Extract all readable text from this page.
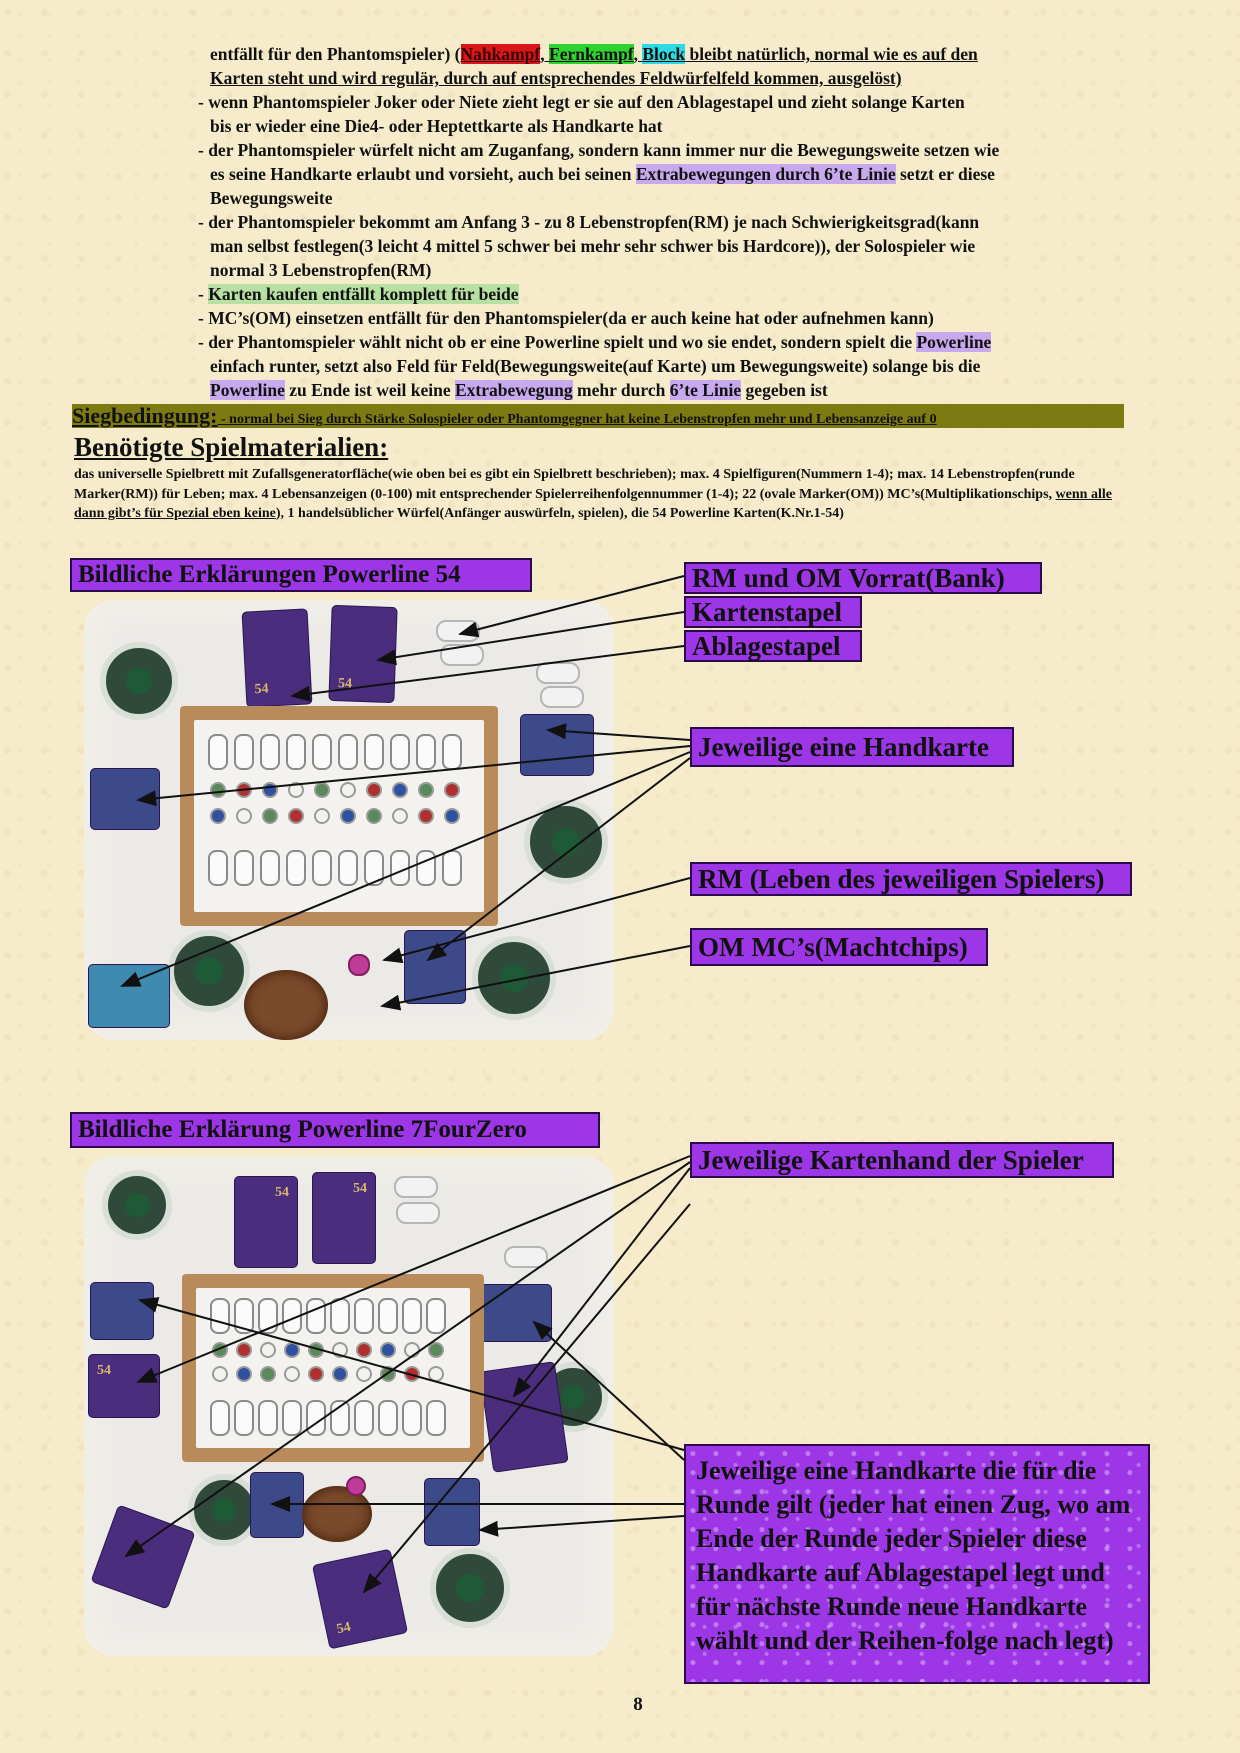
entfällt für den Phantomspieler) (Nahkampf, Fernkampf, Block bleibt natürlich, normal wie es auf den
Karten steht und wird regulär, durch auf entsprechendes Feldwürfelfeld kommen, ausgelöst)
- wenn Phantomspieler Joker oder Niete zieht legt er sie auf den Ablagestapel und zieht solange Karten
bis er wieder eine Die4- oder Heptettkarte als Handkarte hat
- der Phantomspieler würfelt nicht am Zuganfang, sondern kann immer nur die Bewegungsweite setzen wie
es seine Handkarte erlaubt und vorsieht, auch bei seinen Extrabewegungen durch 6’te Linie setzt er diese
Bewegungsweite
- der Phantomspieler bekommt am Anfang 3 - zu 8 Lebenstropfen(RM) je nach Schwierigkeitsgrad(kann
man selbst festlegen(3 leicht 4 mittel 5 schwer bei mehr sehr schwer bis Hardcore)), der Solospieler wie
normal 3 Lebenstropfen(RM)
- Karten kaufen entfällt komplett für beide
- MC’s(OM) einsetzen entfällt für den Phantomspieler(da er auch keine hat oder aufnehmen kann)
- der Phantomspieler wählt nicht ob er eine Powerline spielt und wo sie endet, sondern spielt die Powerline
einfach runter, setzt also Feld für Feld(Bewegungsweite(auf Karte) um Bewegungsweite) solange bis die
Powerline zu Ende ist weil keine Extrabewegung mehr durch 6’te Linie gegeben ist
Siegbedingung: - normal bei Sieg durch Stärke Solospieler oder Phantomgegner hat keine Lebenstropfen mehr und Lebensanzeige auf 0
Benötigte Spielmaterialien:
das universelle Spielbrett mit Zufallsgeneratorfläche(wie oben bei es gibt ein Spielbrett beschrieben); max. 4 Spielfiguren(Nummern 1-4); max. 14 Lebenstropfen(runde Marker(RM)) für Leben; max. 4 Lebensanzeigen (0-100) mit entsprechender Spielerreihenfolgennummer (1-4); 22 (ovale Marker(OM)) MC’s(Multiplikationschips, wenn alle dann gibt’s für Spezial eben keine), 1 handelsüblicher Würfel(Anfänger auswürfeln, spielen), die 54 Powerline Karten(K.Nr.1-54)
Bildliche Erklärungen Powerline 54
54	54
RM und OM Vorrat(Bank)
Kartenstapel
Ablagestapel
Jeweilige eine Handkarte
RM (Leben des jeweiligen Spielers)
OM MC’s(Machtchips)
Bildliche Erklärung Powerline 7FourZero
54	54
54
54
Jeweilige Kartenhand der Spieler
Jeweilige eine Handkarte die für die Runde gilt (jeder hat einen Zug, wo am Ende der Runde jeder Spieler diese Handkarte auf Ablagestapel legt und für nächste Runde neue Handkarte wählt und der Reihen-folge nach legt)
8
